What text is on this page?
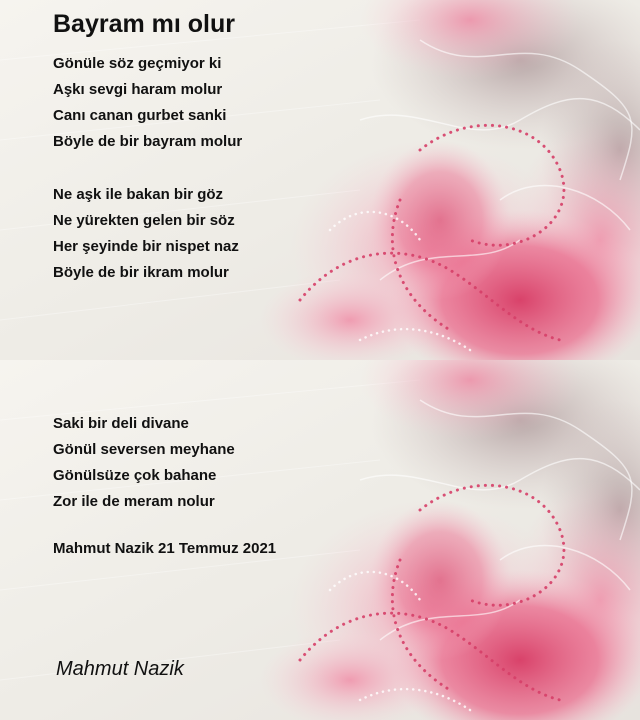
Bayram mı olur
Gönüle söz geçmiyor ki
Aşkı sevgi haram molur
Canı canan gurbet sanki
Böyle de bir bayram molur
Ne aşk ile bakan bir göz
Ne yürekten gelen bir söz
Her şeyinde bir nispet naz
Böyle de bir ikram molur
Saki bir deli divane
Gönül seversen meyhane
Gönülsüze çok bahane
Zor ile de meram nolur
Mahmut Nazik 21 Temmuz 2021
Mahmut Nazik
